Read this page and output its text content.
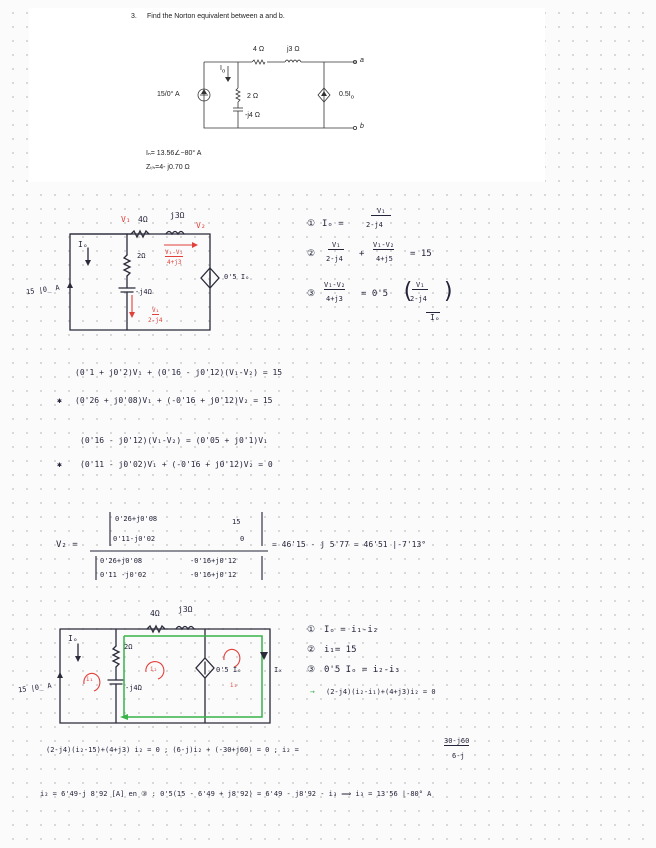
3. Find the Norton equivalent between a and b.
4 Ω	j3 Ω
15/0° A	2 Ω
-j4 Ω
$I_o$
$0.5I_o$
a
b
Iₙ= 13.56∠−80° A
Zₜₕ=4- j0.70 Ω
V₁ 4Ω	j3Ω
V₂
Iₒ
2Ω	V₁-V₂
4+j3
-j4Ω
V₁
2-j4
0'5 Iₒ
15 |0̲ A
① Iₒ =
V₁
2-j4
②
V₁
2-j4 +
V₁-V₂
4+j5 = 15
③
V₁-V₂
4+j3 = 0'5 ( V₁
2-j4 )
Iₒ
(0'1 + j0'2)V₁ + (0'16 - j0'12)(V₁-V₂) = 15
✱ (0'26 + j0'08)V₁ + (-0'16 + j0'12)V₂ = 15
(0'16 - j0'12)(V₁-V₂) = (0'05 + j0'1)V₁
✱ (0'11 - j0'02)V₁ + (-0'16 + j0'12)V₂ = 0
V₂ =
0'26+j0'08	15
0'11-j0'02	0
0'26+j0'08	-0'16+j0'12
0'11 -j0'02	-0'16+j0'12
= 46'15 - j 5'77 = 46'51 |-7'13°
4Ω j3Ω
Iₒ
2Ω
-j4Ω
0'5 Iₒ	Iₓ
i₁
i₂
i₃
15 |0̲ A
① Iₒ = i₁-i₂
② i₁= 15
③ 0'5 Iₒ = i₂-i₃
→ (2-j4)(i₂-i₁)+(4+j3)i₂ = 0
(2-j4)(i₂-15)+(4+j3) i₂ = 0 ; (6-j)i₂ + (-30+j60) = 0 ; i₂ =
30-j60
6-j
i₂ = 6'49-j 8'92 [A] en ③ : 0'5(15 - 6'49 + j8'92) = 6'49 - j8'92 - i₃ ⟹ i₃ = 13'56 |-80° A
